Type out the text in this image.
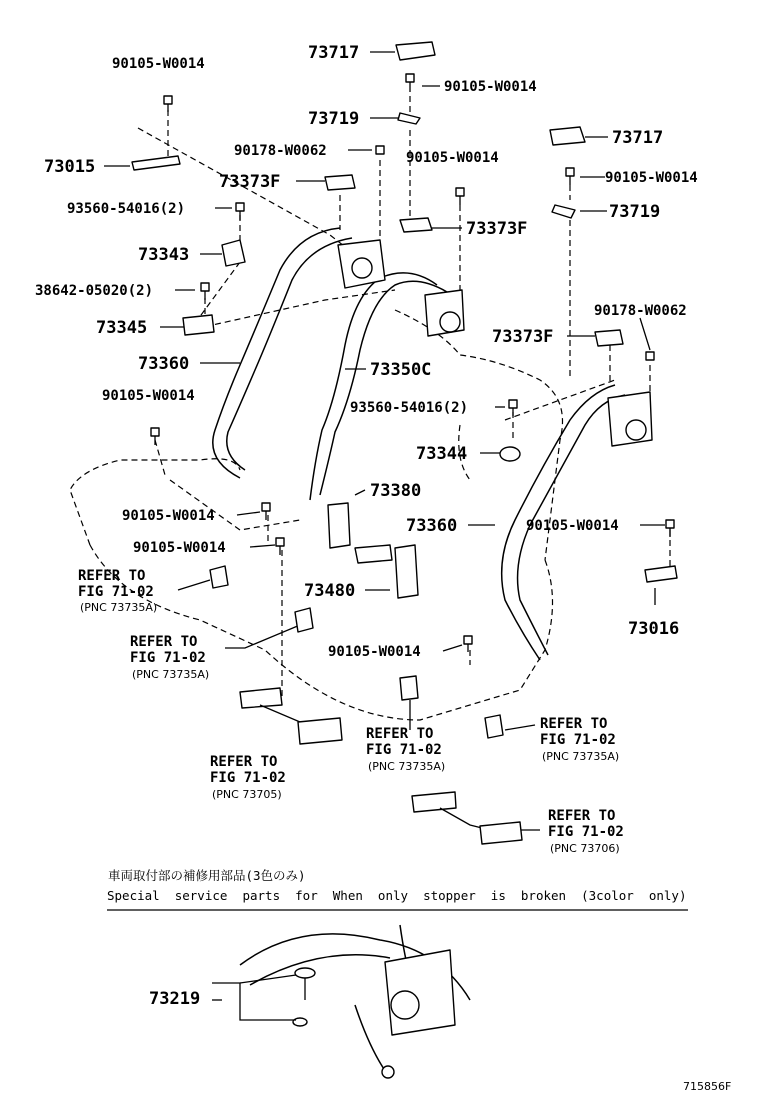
73717
90105-W0014
90105-W0014
73719
73015
90178-W0062	90105-W0014
73373F
73717
90105-W0014
93560-54016(2)	73719
73373F
73343
38642-05020(2)
90178-W0062
73345	73373F
73360	73350C
90105-W0014
93560-54016(2)
73344
73380
90105-W0014	73360	90105-W0014
90105-W0014
73480
73016
90105-W0014
73219
REFER TO
FIG 71-02
(PNC 73735A)
REFER TO
FIG 71-02
(PNC 73735A)
REFER TO
FIG 71-02
(PNC 73705)
REFER TO
FIG 71-02
(PNC 73735A)
REFER TO
FIG 71-02
(PNC 73735A)
REFER TO
FIG 71-02
(PNC 73706)
車両取付部の補修用部品(3色のみ)
Special  service  parts  for  When  only  stopper  is  broken  (3color  only)
715856F
